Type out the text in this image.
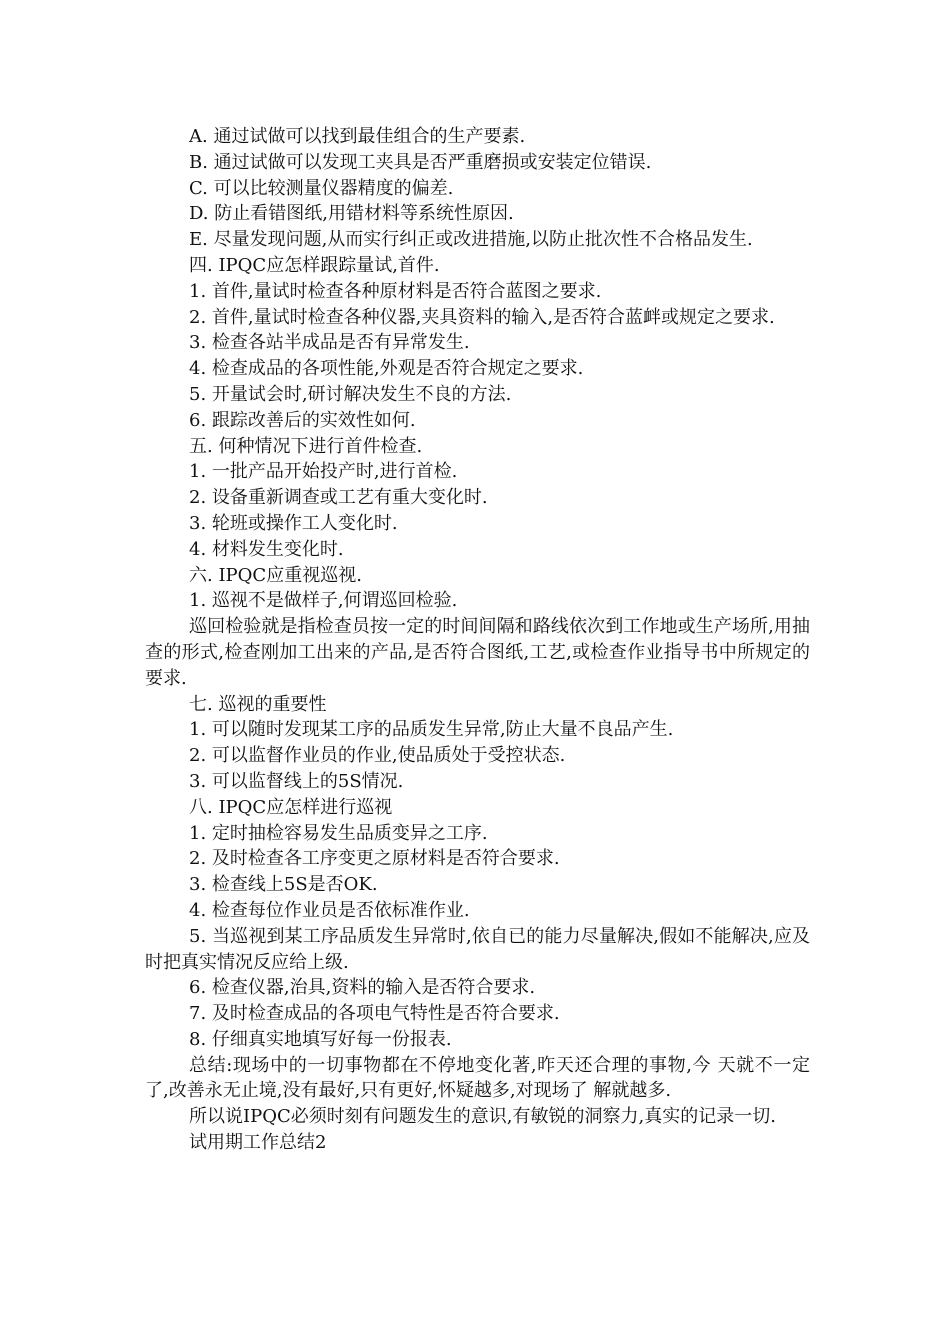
A. 通过试做可以找到最佳组合的生产要素.

B. 通过试做可以发现工夹具是否严重磨损或安装定位错误.

C. 可以比较测量仪器精度的偏差.

D. 防止看错图纸,用错材料等系统性原因.

E. 尽量发现问题,从而实行纠正或改进措施,以防止批次性不合格品发生.

四. IPQC应怎样跟踪量试,首件.

1. 首件,量试时检查各种原材料是否符合蓝图之要求.

2. 首件,量试时检查各种仪器,夹具资料的输入,是否符合蓝衅或规定之要求.

3. 检查各站半成品是否有异常发生.

4. 检查成品的各项性能,外观是否符合规定之要求.

5. 开量试会时,研讨解决发生不良的方法.

6. 跟踪改善后的实效性如何.

五. 何种情况下进行首件检查.

1. 一批产品开始投产时,进行首检.

2. 设备重新调查或工艺有重大变化时.

3. 轮班或操作工人变化时.

4. 材料发生变化时.

六. IPQC应重视巡视.

1. 巡视不是做样子,何谓巡回检验.

巡回检验就是指检查员按一定的时间间隔和路线依次到工作地或生产场所,用抽查的形式,检查刚加工出来的产品,是否符合图纸,工艺,或检查作业指导书中所规定的要求.

七. 巡视的重要性

1. 可以随时发现某工序的品质发生异常,防止大量不良品产生.

2. 可以监督作业员的作业,使品质处于受控状态.

3. 可以监督线上的5S情况.

八. IPQC应怎样进行巡视

1. 定时抽检容易发生品质变异之工序.

2. 及时检查各工序变更之原材料是否符合要求.

3. 检查线上5S是否OK.

4. 检查每位作业员是否依标准作业.

5. 当巡视到某工序品质发生异常时,依自已的能力尽量解决,假如不能解决,应及时把真实情况反应给上级.

6. 检查仪器,治具,资料的输入是否符合要求.

7. 及时检查成品的各项电气特性是否符合要求.

8. 仔细真实地填写好每一份报表.

总结:现场中的一切事物都在不停地变化著,昨天还合理的事物,今 天就不一定了,改善永无止境,没有最好,只有更好,怀疑越多,对现场了 解就越多.

所以说IPQC必须时刻有问题发生的意识,有敏锐的洞察力,真实的记录一切.

试用期工作总结2
